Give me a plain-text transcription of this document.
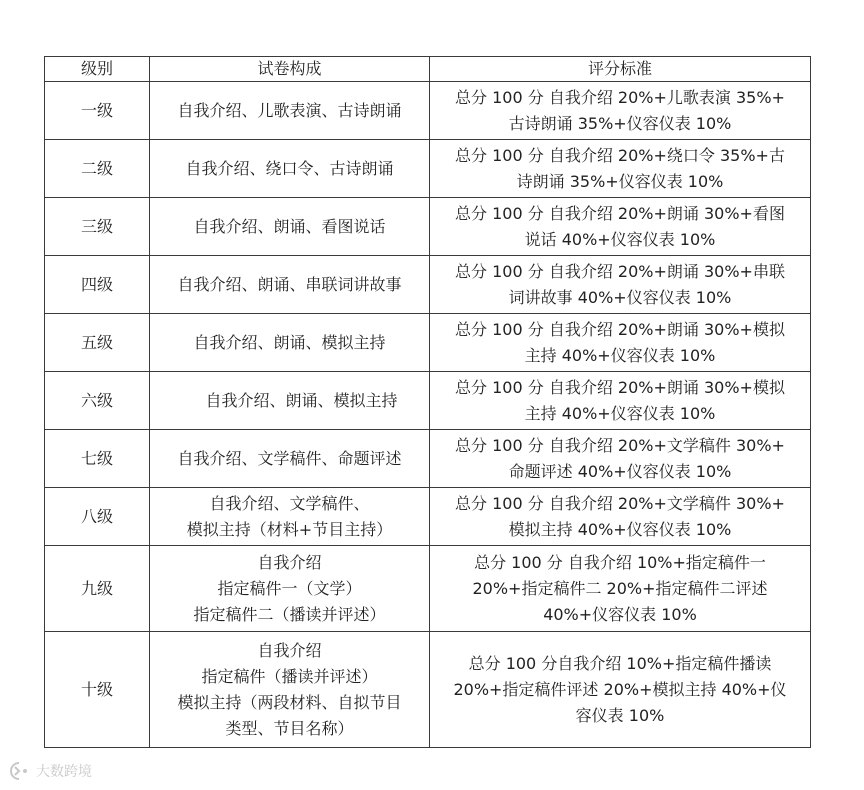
级别	试卷构成	评分标准
一级	自我介绍、儿歌表演、古诗朗诵	总分 100 分 自我介绍 20%+儿歌表演 35%+
古诗朗诵 35%+仪容仪表 10%

二级	自我介绍、绕口令、古诗朗诵	总分 100 分 自我介绍 20%+绕口令 35%+古
诗朗诵 35%+仪容仪表 10%

三级	自我介绍、朗诵、看图说话	总分 100 分 自我介绍 20%+朗诵 30%+看图
说话 40%+仪容仪表 10%

四级	自我介绍、朗诵、串联词讲故事	总分 100 分 自我介绍 20%+朗诵 30%+串联
词讲故事 40%+仪容仪表 10%

五级	自我介绍、朗诵、模拟主持	总分 100 分 自我介绍 20%+朗诵 30%+模拟
主持 40%+仪容仪表 10%

六级	自我介绍、朗诵、模拟主持	总分 100 分 自我介绍 20%+朗诵 30%+模拟
主持 40%+仪容仪表 10%

七级	自我介绍、文学稿件、命题评述	总分 100 分 自我介绍 20%+文学稿件 30%+
命题评述 40%+仪容仪表 10%

八级	自我介绍、文学稿件、
模拟主持（材料+节目主持）	总分 100 分 自我介绍 20%+文学稿件 30%+
模拟主持 40%+仪容仪表 10%

九级	自我介绍
指定稿件一（文学）
指定稿件二（播读并评述）	总分 100 分 自我介绍 10%+指定稿件一
20%+指定稿件二 20%+指定稿件二评述
40%+仪容仪表 10%

十级	自我介绍
指定稿件（播读并评述）
模拟主持（两段材料、自拟节目
类型、节目名称）	总分 100 分自我介绍 10%+指定稿件播读
20%+指定稿件评述 20%+模拟主持 40%+仪
容仪表 10%
大数跨境
